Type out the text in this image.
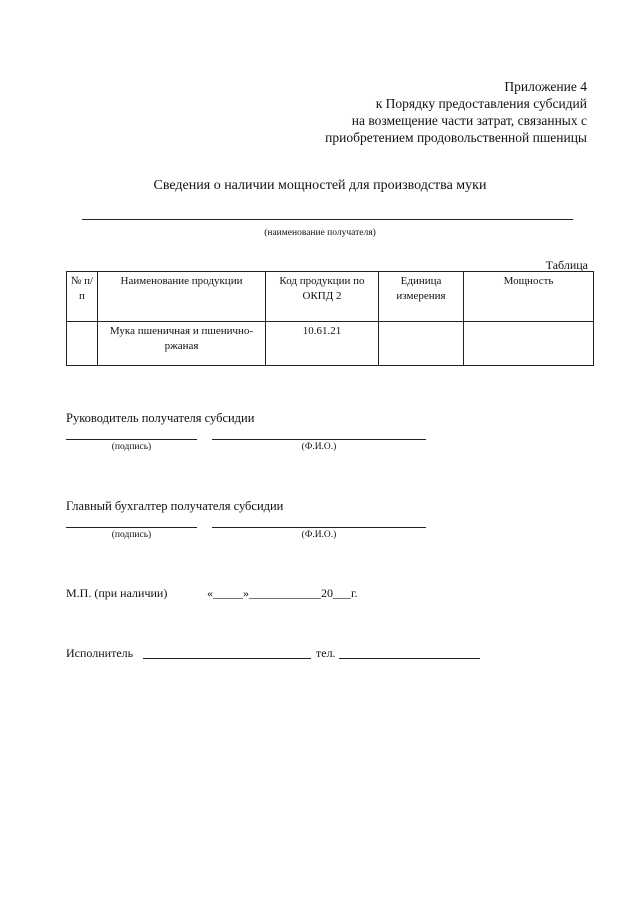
Приложение 4
к Порядку предоставления субсидий
на возмещение части затрат, связанных с
приобретением продовольственной пшеницы
Сведения о наличии мощностей для производства муки
(наименование получателя)
Таблица
№ п/п	Наименование продукции	Код продукции по ОКПД 2	Единица измерения	Мощность
	Мука пшеничная и пшенично-ржаная	10.61.21		
Руководитель получателя субсидии
(подпись)	(Ф.И.О.)
Главный бухгалтер получателя субсидии
(подпись)	(Ф.И.О.)
М.П. (при наличии)	«_____»____________20___г.
Исполнитель	тел.
